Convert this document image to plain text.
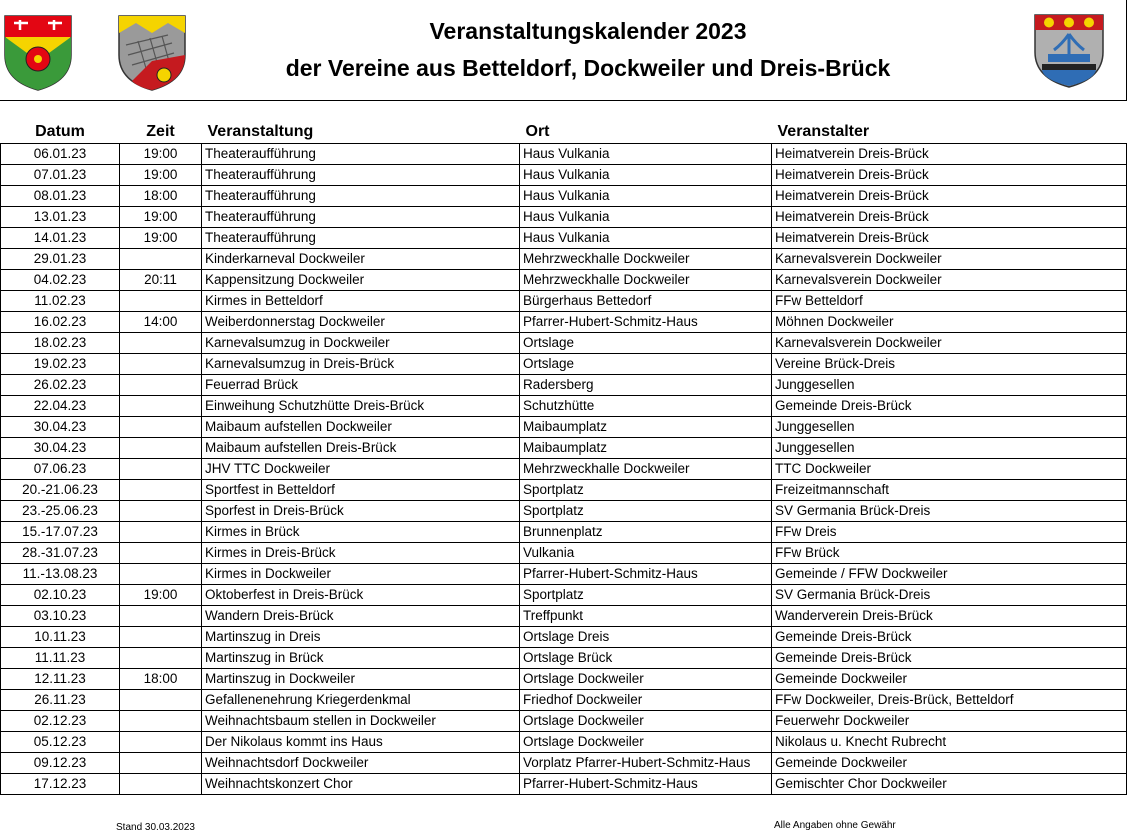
Veranstaltungskalender 2023
der Vereine aus Betteldorf, Dockweiler und Dreis-Brück
Datum	Zeit	Veranstaltung	Ort	Veranstalter
06.01.23	19:00	Theateraufführung	Haus Vulkania	Heimatverein Dreis-Brück
07.01.23	19:00	Theateraufführung	Haus Vulkania	Heimatverein Dreis-Brück
08.01.23	18:00	Theateraufführung	Haus Vulkania	Heimatverein Dreis-Brück
13.01.23	19:00	Theateraufführung	Haus Vulkania	Heimatverein Dreis-Brück
14.01.23	19:00	Theateraufführung	Haus Vulkania	Heimatverein Dreis-Brück
29.01.23		Kinderkarneval Dockweiler	Mehrzweckhalle Dockweiler	Karnevalsverein Dockweiler
04.02.23	20:11	Kappensitzung Dockweiler	Mehrzweckhalle Dockweiler	Karnevalsverein Dockweiler
11.02.23		Kirmes in Betteldorf	Bürgerhaus Bettedorf	FFw Betteldorf
16.02.23	14:00	Weiberdonnerstag Dockweiler	Pfarrer-Hubert-Schmitz-Haus	Möhnen Dockweiler
18.02.23		Karnevalsumzug in Dockweiler	Ortslage	Karnevalsverein Dockweiler
19.02.23		Karnevalsumzug in Dreis-Brück	Ortslage	Vereine Brück-Dreis
26.02.23		Feuerrad Brück	Radersberg	Junggesellen
22.04.23		Einweihung Schutzhütte Dreis-Brück	Schutzhütte	Gemeinde Dreis-Brück
30.04.23		Maibaum aufstellen Dockweiler	Maibaumplatz	Junggesellen
30.04.23		Maibaum aufstellen Dreis-Brück	Maibaumplatz	Junggesellen
07.06.23		JHV TTC Dockweiler	Mehrzweckhalle Dockweiler	TTC Dockweiler
20.-21.06.23		Sportfest in Betteldorf	Sportplatz	Freizeitmannschaft
23.-25.06.23		Sporfest in Dreis-Brück	Sportplatz	SV Germania Brück-Dreis
15.-17.07.23		Kirmes in Brück	Brunnenplatz	FFw Dreis
28.-31.07.23		Kirmes in Dreis-Brück	Vulkania	FFw Brück
11.-13.08.23		Kirmes in Dockweiler	Pfarrer-Hubert-Schmitz-Haus	Gemeinde / FFW Dockweiler
02.10.23	19:00	Oktoberfest in Dreis-Brück	Sportplatz	SV Germania Brück-Dreis
03.10.23		Wandern Dreis-Brück	Treffpunkt	Wanderverein Dreis-Brück
10.11.23		Martinszug in Dreis	Ortslage Dreis	Gemeinde Dreis-Brück
11.11.23		Martinszug in Brück	Ortslage Brück	Gemeinde Dreis-Brück
12.11.23	18:00	Martinszug in Dockweiler	Ortslage Dockweiler	Gemeinde Dockweiler
26.11.23		Gefallenenehrung Kriegerdenkmal	Friedhof Dockweiler	FFw Dockweiler, Dreis-Brück, Betteldorf
02.12.23		Weihnachtsbaum stellen in Dockweiler	Ortslage Dockweiler	Feuerwehr Dockweiler
05.12.23		Der Nikolaus kommt ins Haus	Ortslage Dockweiler	Nikolaus u. Knecht Rubrecht
09.12.23		Weihnachtsdorf Dockweiler	Vorplatz Pfarrer-Hubert-Schmitz-Haus	Gemeinde Dockweiler
17.12.23		Weihnachtskonzert Chor	Pfarrer-Hubert-Schmitz-Haus	Gemischter Chor Dockweiler
Stand 30.03.2023	Alle Angaben ohne Gewähr
